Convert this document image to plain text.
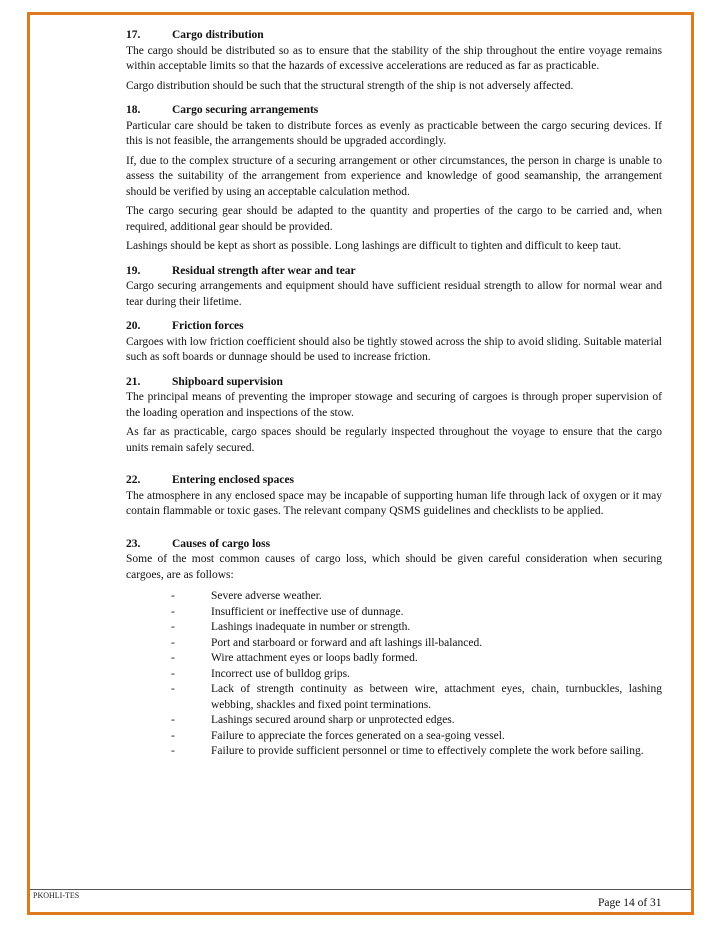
17.	Cargo distribution

The cargo should be distributed so as to ensure that the stability of the ship throughout the entire voyage remains within acceptable limits so that the hazards of excessive accelerations are reduced as far as practicable.

Cargo distribution should be such that the structural strength of the ship is not adversely affected.

18.	Cargo securing arrangements

Particular care should be taken to distribute forces as evenly as practicable between the cargo securing devices. If this is not feasible, the arrangements should be upgraded accordingly.

If, due to the complex structure of a securing arrangement or other circumstances, the person in charge is unable to assess the suitability of the arrangement from experience and knowledge of good seamanship, the arrangement should be verified by using an acceptable calculation method.

The cargo securing gear should be adapted to the quantity and properties of the cargo to be carried and, when required, additional gear should be provided.

Lashings should be kept as short as possible. Long lashings are difficult to tighten and difficult to keep taut.

19.	Residual strength after wear and tear

Cargo securing arrangements and equipment should have sufficient residual strength to allow for normal wear and tear during their lifetime.

20.	Friction forces

Cargoes with low friction coefficient should also be tightly stowed across the ship to avoid sliding. Suitable material such as soft boards or dunnage should be used to increase friction.

21.	Shipboard supervision

The principal means of preventing the improper stowage and securing of cargoes is through proper supervision of the loading operation and inspections of the stow.

As far as practicable, cargo spaces should be regularly inspected throughout the voyage to ensure that the cargo units remain safely secured.

22.	Entering enclosed spaces

The atmosphere in any enclosed space may be incapable of supporting human life through lack of oxygen or it may contain flammable or toxic gases. The relevant company QSMS guidelines and checklists to be applied.

23.	Causes of cargo loss

Some of the most common causes of cargo loss, which should be given careful consideration when securing cargoes, are as follows:

-	Severe adverse weather.
-	Insufficient or ineffective use of dunnage.
-	Lashings inadequate in number or strength.
-	Port and starboard or forward and aft lashings ill-balanced.
-	Wire attachment eyes or loops badly formed.
-	Incorrect use of bulldog grips.
-	Lack of strength continuity as between wire, attachment eyes, chain, turnbuckles, lashing webbing, shackles and fixed point terminations.
-	Lashings secured around sharp or unprotected edges.
-	Failure to appreciate the forces generated on a sea-going vessel.
-	Failure to provide sufficient personnel or time to effectively complete the work before sailing.
PKOHLI-TES
Page 14 of 31
